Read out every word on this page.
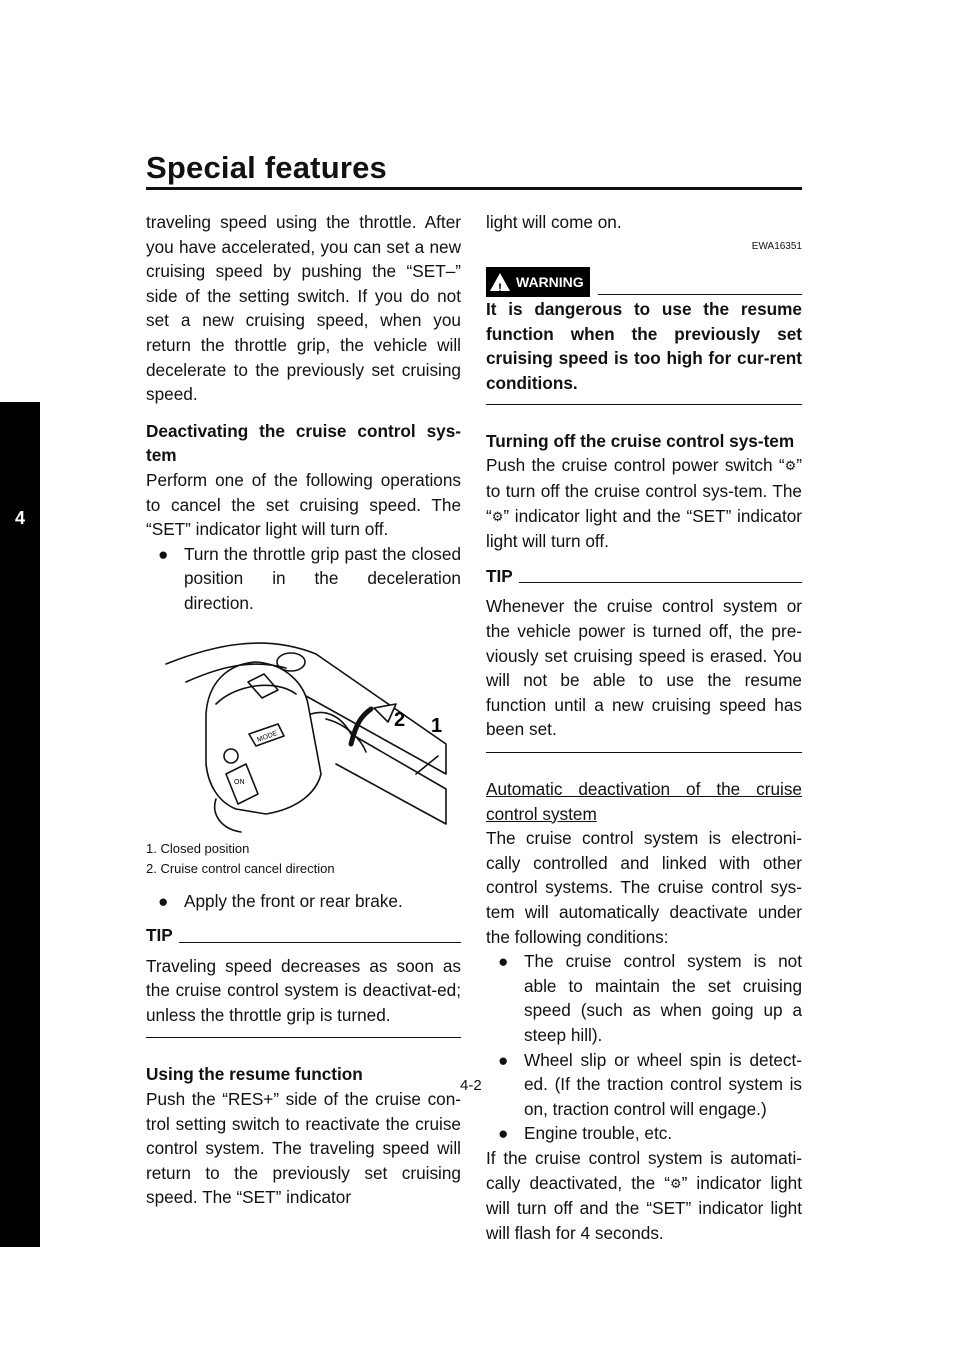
Special features
4

traveling speed using the throttle. After you have accelerated, you can set a new cruising speed by pushing the “SET–” side of the setting switch. If you do not set a new cruising speed, when you return the throttle grip, the vehicle will decelerate to the previously set cruising speed.

Deactivating the cruise control sys-tem

Perform one of the following operations to cancel the set cruising speed. The “SET” indicator light will turn off.

● Turn the throttle grip past the closed position in the deceleration direction.
MODE
ON
2 1

1. Closed position

2. Cruise control cancel direction

● Apply the front or rear brake.
TIP

Traveling speed decreases as soon as the cruise control system is deactivat-ed; unless the throttle grip is turned.

Using the resume function

Push the “RES+” side of the cruise con-trol setting switch to reactivate the cruise control system. The traveling speed will return to the previously set cruising speed. The “SET” indicator

light will come on.

EWA16351
! WARNING

It is dangerous to use the resume function when the previously set cruising speed is too high for cur-rent conditions.

Turning off the cruise control sys-tem

Push the cruise control power switch “⚙” to turn off the cruise control sys-tem. The “⚙” indicator light and the “SET” indicator light will turn off.

TIP

Whenever the cruise control system or the vehicle power is turned off, the pre-viously set cruising speed is erased. You will not be able to use the resume function until a new cruising speed has been set.

Automatic deactivation of the cruise control system

The cruise control system is electroni-cally controlled and linked with other control systems. The cruise control sys-tem will automatically deactivate under the following conditions:

● The cruise control system is not able to maintain the set cruising speed (such as when going up a steep hill).
● Wheel slip or wheel spin is detect-ed. (If the traction control system is on, traction control will engage.)
● Engine trouble, etc.

If the cruise control system is automati-cally deactivated, the “⚙” indicator light will turn off and the “SET” indicator light will flash for 4 seconds.

4-2
